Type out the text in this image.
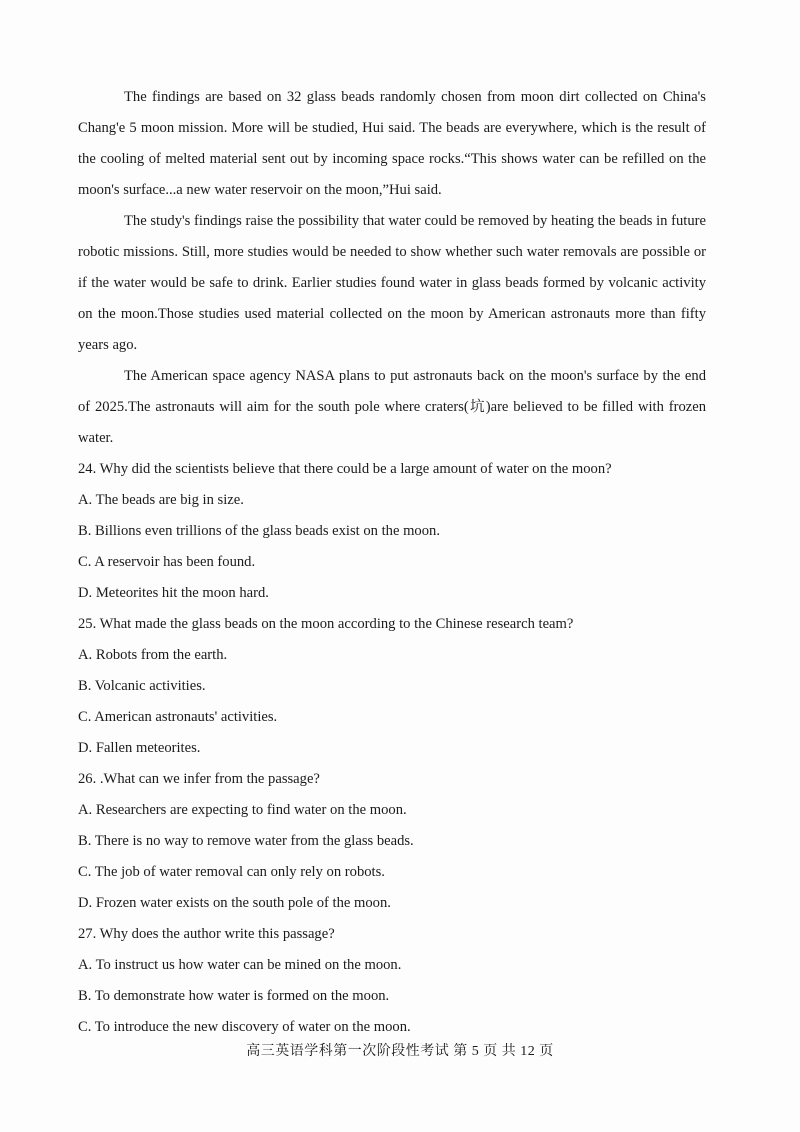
The findings are based on 32 glass beads randomly chosen from moon dirt collected on China's Chang'e 5 moon mission. More will be studied, Hui said. The beads are everywhere, which is the result of the cooling of melted material sent out by incoming space rocks.“This shows water can be refilled on the moon's surface...a new water reservoir on the moon,”Hui said.

The study's findings raise the possibility that water could be removed by heating the beads in future robotic missions. Still, more studies would be needed to show whether such water removals are possible or if the water would be safe to drink. Earlier studies found water in glass beads formed by volcanic activity on the moon.Those studies used material collected on the moon by American astronauts more than fifty years ago.

The American space agency NASA plans to put astronauts back on the moon's surface by the end of 2025.The astronauts will aim for the south pole where craters(坑)are believed to be filled with frozen water.

24. Why did the scientists believe that there could be a large amount of water on the moon?

A. The beads are big in size.

B. Billions even trillions of the glass beads exist on the moon.

C. A reservoir has been found.

D. Meteorites hit the moon hard.

25. What made the glass beads on the moon according to the Chinese research team?

A. Robots from the earth.

B. Volcanic activities.

C. American astronauts' activities.

D. Fallen meteorites.

26. .What can we infer from the passage?

A. Researchers are expecting to find water on the moon.

B. There is no way to remove water from the glass beads.

C. The job of water removal can only rely on robots.

D. Frozen water exists on the south pole of the moon.

27. Why does the author write this passage?

A. To instruct us how water can be mined on the moon.

B. To demonstrate how water is formed on the moon.

C. To introduce the new discovery of water on the moon.

高三英语学科第一次阶段性考试 第 5 页 共 12 页
